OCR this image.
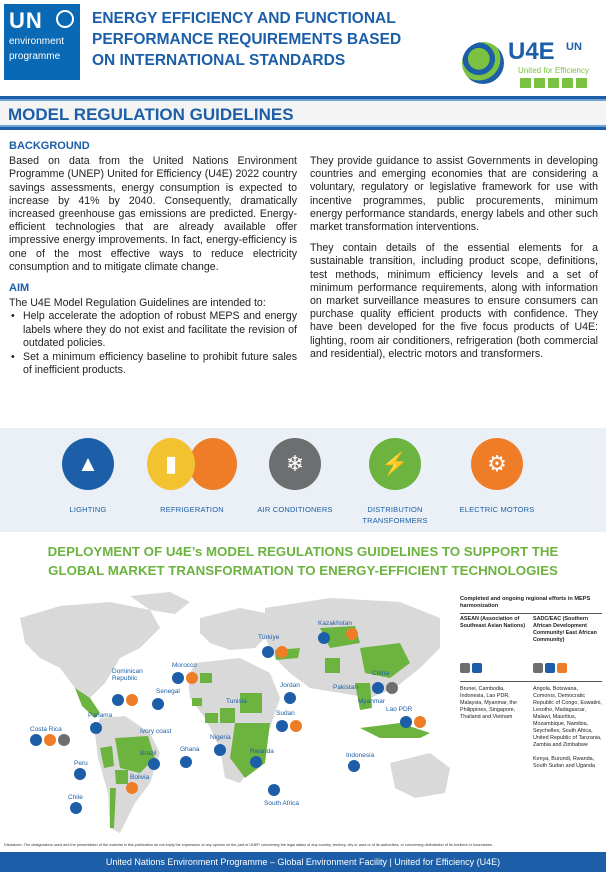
UN
environment
programme
ENERGY EFFICIENCY AND FUNCTIONAL
PERFORMANCE REQUIREMENTS BASED
ON INTERNATIONAL STANDARDS	U4E UN
United for Efficiency
MODEL REGULATION GUIDELINES
BACKGROUND

Based on data from the United Nations Environment Programme (UNEP) United for Efficiency (U4E) 2022 country savings assessments, energy consumption is expected to increase by 41% by 2040. Consequently, dramatically increased greenhouse gas emissions are predicted. Energy-efficient technologies that are already available offer impressive energy improvements. In fact, energy-efficiency is one of the most effective ways to reduce electricity consumption and to mitigate climate change.

AIM
The U4E Model Regulation Guidelines are intended to:
• Help accelerate the adoption of robust MEPS and energy labels where they do not exist and facilitate the revision of outdated policies.
• Set a minimum efficiency baseline to prohibit future sales of inefficient products.

They provide guidance to assist Governments in developing countries and emerging economies that are considering a voluntary, regulatory or legislative framework for use with incentive programmes, public procurements, minimum energy performance standards, energy labels and other such market transformation interventions.

They contain details of the essential elements for a sustainable transition, including product scope, definitions, test methods, minimum efficiency levels and a set of minimum performance requirements, along with information on market surveillance measures to ensure consumers can purchase quality efficient products with confidence. They have been developed for the five focus products of U4E: lighting, room air conditioners, refrigeration (both commercial and residential), electric motors and transformers.

▲
LIGHTING
▮
REFRIGERATION
❄
AIR CONDITIONERS
⚡
DISTRIBUTION
TRANSFORMERS
⚙
ELECTRIC MOTORS
DEPLOYMENT OF U4E’s MODEL REGULATIONS GUIDELINES TO SUPPORT THE
GLOBAL MARKET TRANSFORMATION TO ENERGY-EFFICIENT TECHNOLOGIES
Türkiye
Kazakhstan
Dominican Republic
Morocco
Senegal
Tunisia
Jordan
China
Pakistan
Costa Rica
Panama
Ivory coast
Sudan
Myanmar
Lao PDR
Ghana
Nigeria
Peru
Brazil
Bolivia
Rwanda
Indonesia
Chile
South Africa
Completed and ongoing regional efforts in MEPS harmonization
ASEAN (Association of Southeast Asian Nations)
SADC/EAC (Southern African Development Community/ East African Community)
Brunei, Cambodia, Indonesia, Lao PDR, Malaysia, Myanmar, the Philippines, Singapore, Thailand and Vietnam
Angola, Botswana, Comoros, Democratic Republic of Congo, Eswatini, Lesotho, Madagascar, Malawi, Mauritius, Mozambique, Namibia, Seychelles, South Africa, United Republic of Tanzania, Zambia and Zimbabwe
Kenya, Burundi, Rwanda, South Sudan and Uganda
Disclaimer: The designations used and the presentation of the material in this publication do not imply the expression of any opinion on the part of UNEP concerning the legal status of any country, territory, city or area or of its authorities, or concerning delimitation of its frontiers or boundaries.
United Nations Environment Programme – Global Environment Facility | United for Efficiency (U4E)
